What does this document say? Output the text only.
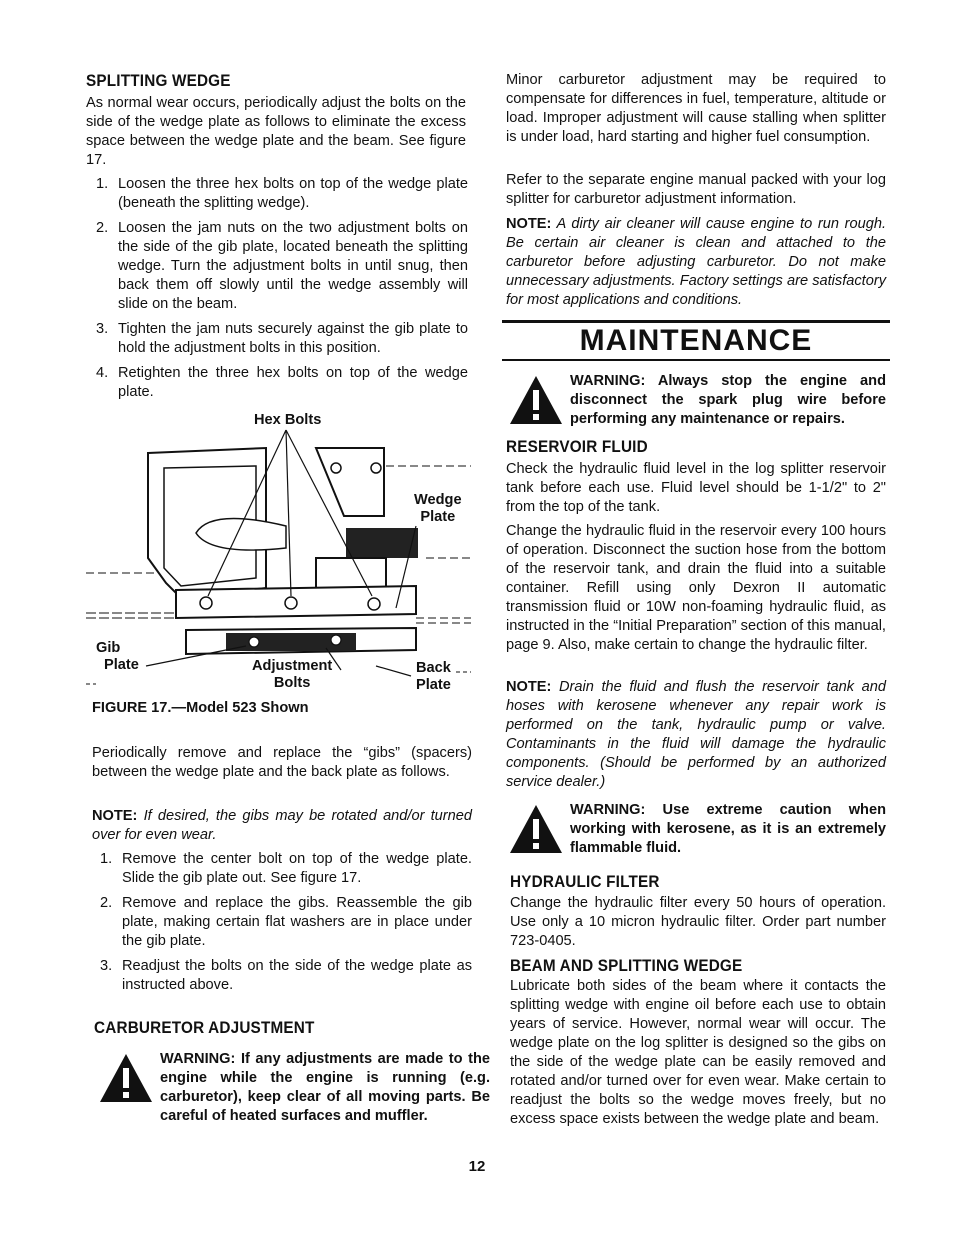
SPLITTING WEDGE

As normal wear occurs, periodically adjust the bolts on the side of the wedge plate as follows to eliminate the excess space between the wedge plate and the beam. See figure 17.

1. Loosen the three hex bolts on top of the wedge plate (beneath the splitting wedge).
2. Loosen the jam nuts on the two adjustment bolts on the side of the gib plate, located beneath the splitting wedge. Turn the adjustment bolts in until snug, then back them off slowly until the wedge assembly will slide on the beam.
3. Tighten the jam nuts securely against the gib plate to hold the adjustment bolts in this position.
4. Retighten the three hex bolts on top of the wedge plate.
Hex Bolts
Wedge
Plate
Gib
Plate	Adjustment
Bolts
Back
Plate
FIGURE 17.—Model 523 Shown

Periodically remove and replace the “gibs” (spacers) between the wedge plate and the back plate as follows.

NOTE: If desired, the gibs may be rotated and/or turned over for even wear.

1. Remove the center bolt on top of the wedge plate. Slide the gib plate out. See figure 17.
2. Remove and replace the gibs. Reassemble the gib plate, making certain flat washers are in place under the gib plate.
3. Readjust the bolts on the side of the wedge plate as instructed above.
CARBURETOR ADJUSTMENT
WARNING: If any adjustments are made to the engine while the engine is running (e.g. carburetor), keep clear of all moving parts. Be careful of heated surfaces and muffler.

Minor carburetor adjustment may be required to compensate for differences in fuel, temperature, altitude or load. Improper adjustment will cause stalling when splitter is under load, hard starting and higher fuel consumption.

Refer to the separate engine manual packed with your log splitter for carburetor adjustment information.

NOTE: A dirty air cleaner will cause engine to run rough. Be certain air cleaner is clean and attached to the carburetor before adjusting carburetor. Do not make unnecessary adjustments. Factory settings are satisfactory for most applications and conditions.

MAINTENANCE
WARNING: Always stop the engine and disconnect the spark plug wire before performing any maintenance or repairs.
RESERVOIR FLUID

Check the hydraulic fluid level in the log splitter reservoir tank before each use. Fluid level should be 1-1/2" to 2" from the top of the tank.

Change the hydraulic fluid in the reservoir every 100 hours of operation. Disconnect the suction hose from the bottom of the reservoir tank, and drain the fluid into a suitable container. Refill using only Dexron II automatic transmission fluid or 10W non-foaming hydraulic fluid, as instructed in the “Initial Preparation” section of this manual, page 9. Also, make certain to change the hydraulic filter.

NOTE: Drain the fluid and flush the reservoir tank and hoses with kerosene whenever any repair work is performed on the tank, hydraulic pump or valve. Contaminants in the fluid will damage the hydraulic components. (Should be performed by an authorized service dealer.)

WARNING: Use extreme caution when working with kerosene, as it is an extremely flammable fluid.
HYDRAULIC FILTER

Change the hydraulic filter every 50 hours of operation. Use only a 10 micron hydraulic filter. Order part number 723-0405.

BEAM AND SPLITTING WEDGE

Lubricate both sides of the beam where it contacts the splitting wedge with engine oil before each use to obtain years of service. However, normal wear will occur. The wedge plate on the log splitter is designed so the gibs on the side of the wedge plate can be easily removed and rotated and/or turned over for even wear. Make certain to readjust the bolts so the wedge moves freely, but no excess space exists between the wedge plate and beam.

12
